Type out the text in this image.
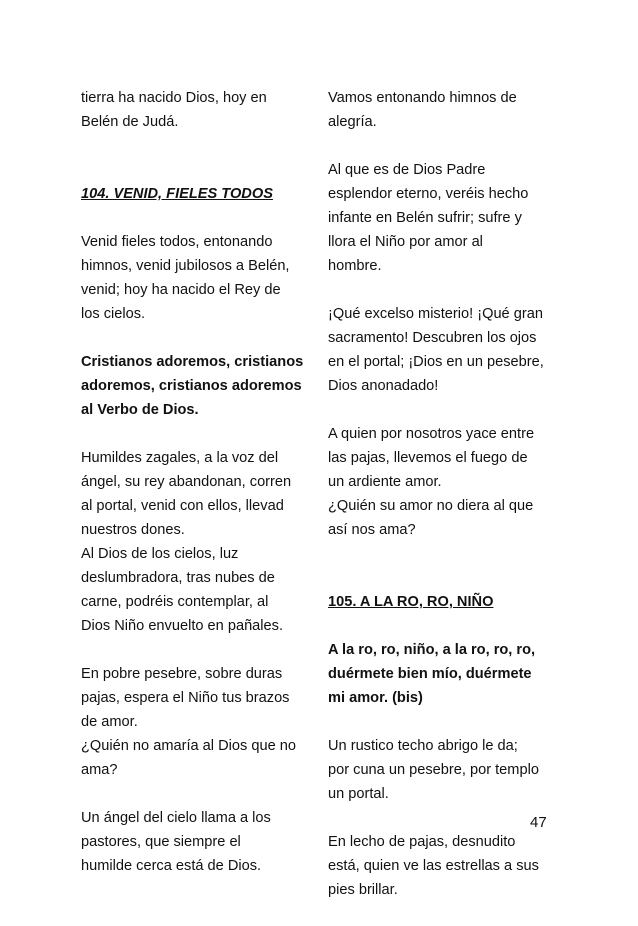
tierra ha nacido Dios, hoy en
Belén de Judá.

104. VENID, FIELES TODOS

Venid fieles todos, entonando
himnos, venid jubilosos a Belén,
venid; hoy ha nacido el Rey de
los cielos.

Cristianos adoremos, cristianos
adoremos, cristianos adoremos
al Verbo de Dios.

Humildes zagales, a la voz del
ángel, su rey abandonan, corren
al portal, venid con ellos, llevad
nuestros dones.

Al Dios de los cielos, luz
deslumbradora, tras nubes de
carne, podréis contemplar, al
Dios Niño envuelto en pañales.

En pobre pesebre, sobre duras
pajas, espera el Niño tus brazos
de amor.

¿Quién no amaría al Dios que no
ama?

Un ángel del cielo llama a los
pastores, que siempre el
humilde cerca está de Dios.

Vamos entonando himnos de
alegría.

Al que es de Dios Padre
esplendor eterno, veréis hecho
infante en Belén sufrir; sufre y
llora el Niño por amor al
hombre.

¡Qué excelso misterio! ¡Qué gran
sacramento! Descubren los ojos
en el portal; ¡Dios en un pesebre,
Dios anonadado!

A quien por nosotros yace entre
las pajas, llevemos el fuego de
un ardiente amor.

¿Quién su amor no diera al que
así nos ama?

105. A LA RO, RO, NIÑO

A la ro, ro, niño, a la ro, ro, ro,
duérmete bien mío, duérmete
mi amor. (bis)

Un rustico techo abrigo le da;
por cuna un pesebre, por templo
un portal.

En lecho de pajas, desnudito
está, quien ve las estrellas a sus
pies brillar.

47
